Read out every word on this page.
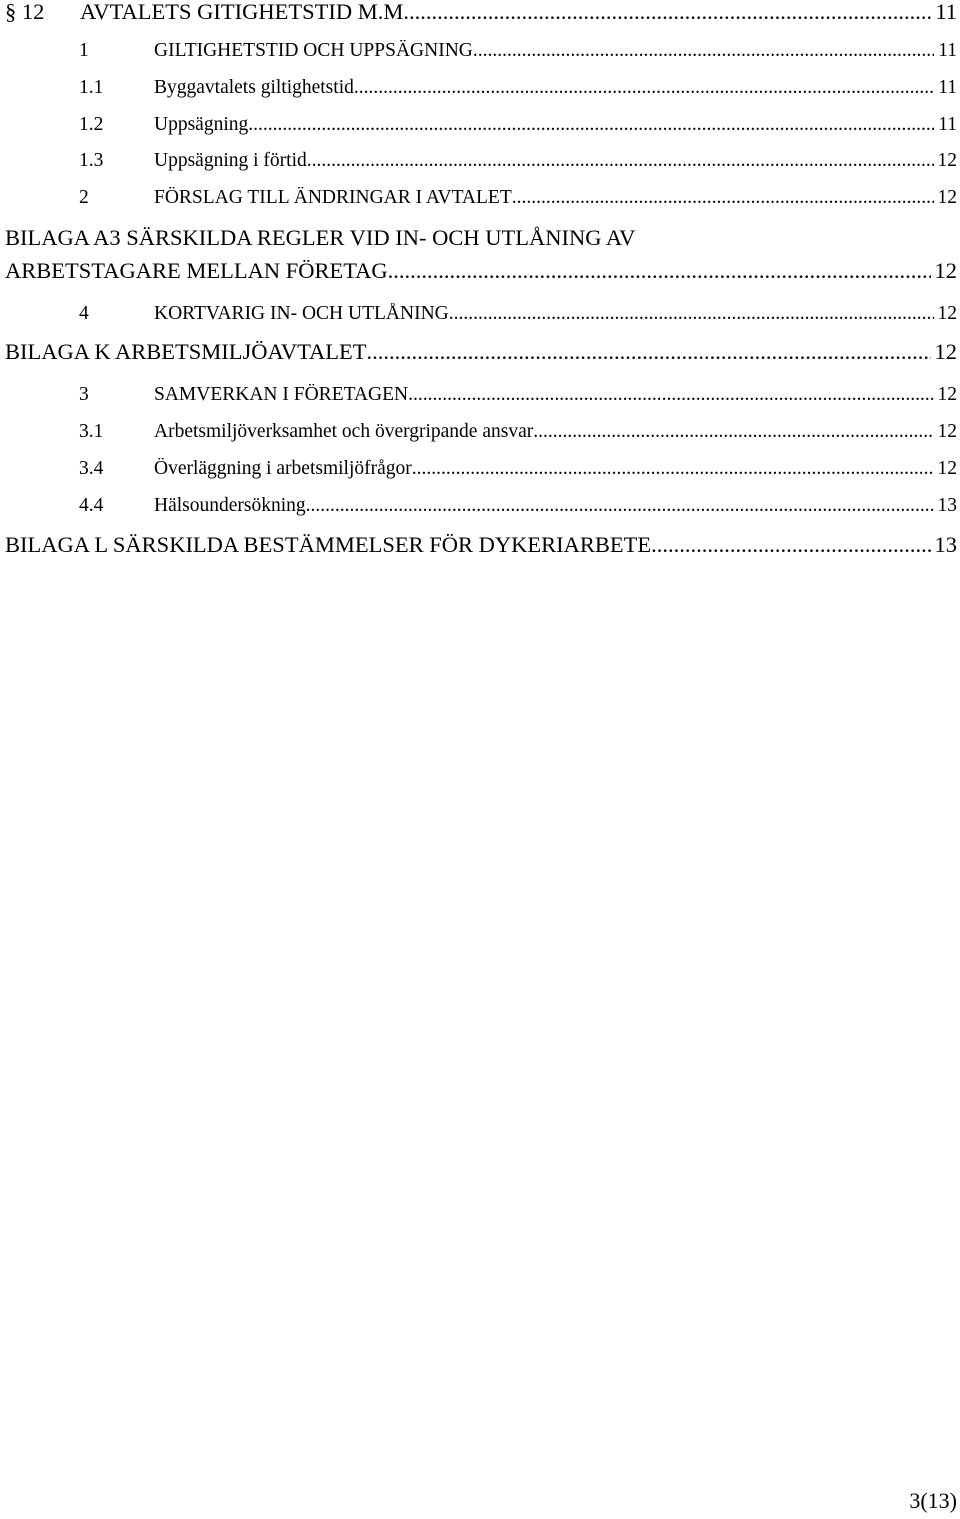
§ 12	AVTALETS GITIGHETSTID M.M. .....	11
1	GILTIGHETSTID OCH UPPSÄGNING .....	11
1.1	Byggavtalets giltighetstid .....	11
1.2	Uppsägning .....	11
1.3	Uppsägning i förtid .....	12
2	FÖRSLAG TILL ÄNDRINGAR I AVTALET .....	12
BILAGA A3 SÄRSKILDA REGLER VID IN- OCH UTLÅNING AV
ARBETSTAGARE MELLAN FÖRETAG .....	12
4	KORTVARIG IN- OCH UTLÅNING .....	12
BILAGA K ARBETSMILJÖAVTALET .....	12
3	SAMVERKAN I FÖRETAGEN .....	12
3.1	Arbetsmiljöverksamhet och övergripande ansvar .....	12
3.4	Överläggning i arbetsmiljöfrågor .....	12
4.4	Hälsoundersökning .....	13
BILAGA L SÄRSKILDA BESTÄMMELSER FÖR DYKERIARBETE .....	13
3(13)
